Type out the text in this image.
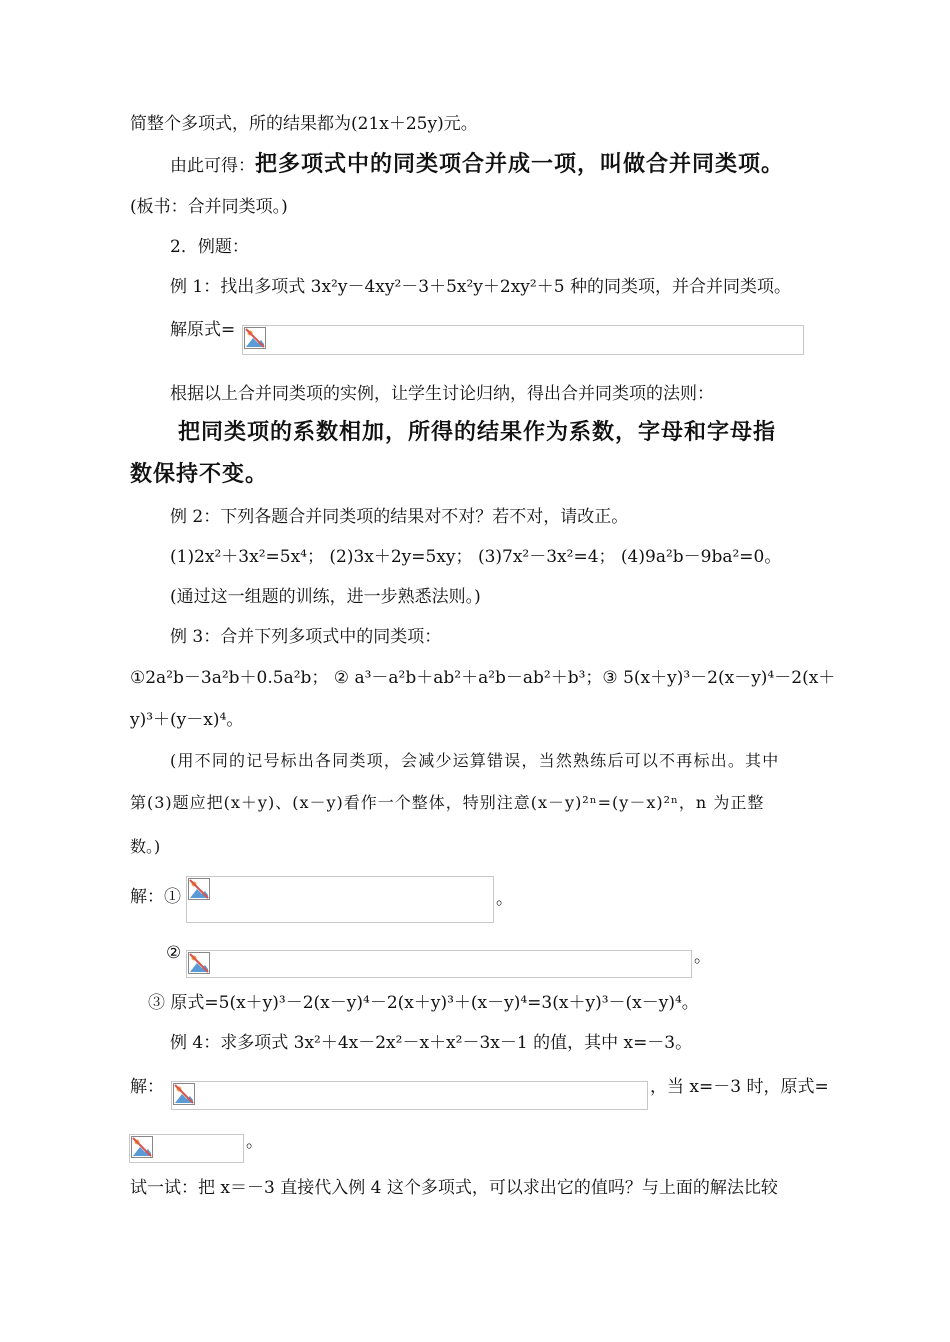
简整个多项式，所的结果都为(21x＋25y)元。
由此可得：把多项式中的同类项合并成一项，叫做合并同类项。
(板书：合并同类项。)
2．例题：
例 1：找出多项式 3x²y－4xy²－3＋5x²y＋2xy²＋5 种的同类项，并合并同类项。
解原式=
根据以上合并同类项的实例，让学生讨论归纳，得出合并同类项的法则：
把同类项的系数相加，所得的结果作为系数，字母和字母指
数保持不变。
例 2：下列各题合并同类项的结果对不对？若不对，请改正。
(1)2x²＋3x²=5x⁴； (2)3x＋2y=5xy； (3)7x²－3x²=4； (4)9a²b－9ba²=0。
(通过这一组题的训练，进一步熟悉法则。)
例 3：合并下列多项式中的同类项：
①2a²b－3a²b＋0.5a²b； ② a³－a²b＋ab²＋a²b－ab²＋b³；③ 5(x＋y)³－2(x－y)⁴－2(x＋
y)³＋(y－x)⁴。
(用不同的记号标出各同类项，会减少运算错误，当然熟练后可以不再标出。其中
第(3)题应把(x＋y)、(x－y)看作一个整体，特别注意(x－y)²ⁿ=(y－x)²ⁿ，n 为正整
数。)
解：①	。
②	。
③ 原式=5(x＋y)³－2(x－y)⁴－2(x＋y)³＋(x－y)⁴=3(x＋y)³－(x－y)⁴。
例 4：求多项式 3x²＋4x－2x²－x＋x²－3x－1 的值，其中 x=－3。
解：	，当 x=－3 时，原式=
。
试一试：把 x＝－3 直接代入例 4 这个多项式，可以求出它的值吗？与上面的解法比较
